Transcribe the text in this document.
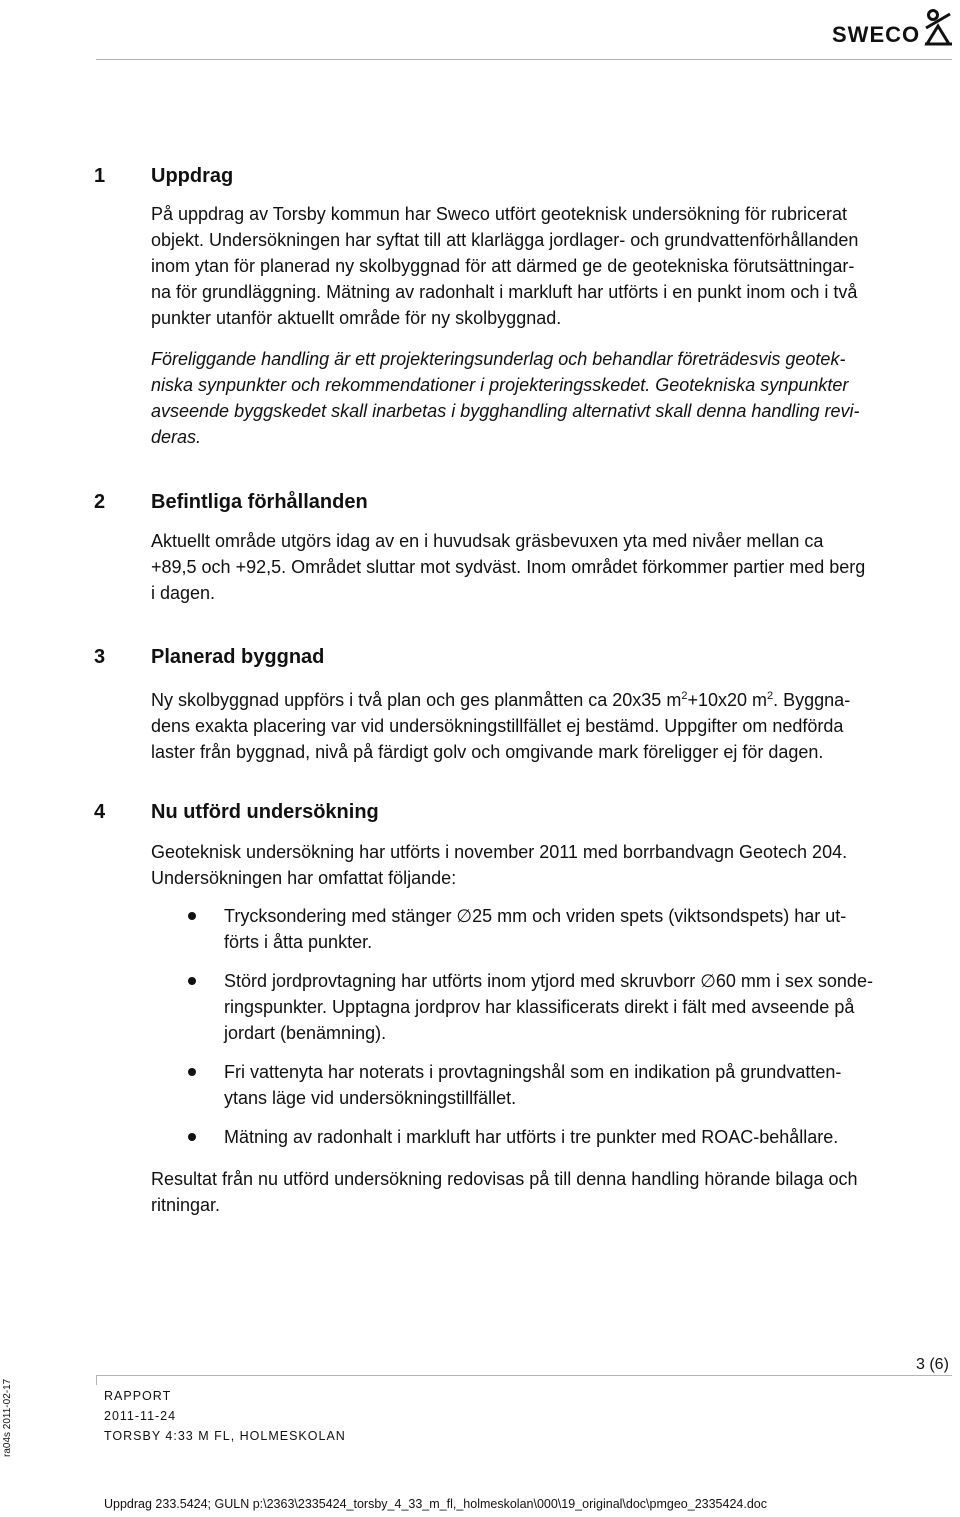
SWECO
1 Uppdrag
På uppdrag av Torsby kommun har Sweco utfört geoteknisk undersökning för rubricerat
objekt. Undersökningen har syftat till att klarlägga jordlager- och grundvattenförhållanden
inom ytan för planerad ny skolbyggnad för att därmed ge de geotekniska förutsättningar-
na för grundläggning. Mätning av radonhalt i markluft har utförts i en punkt inom och i två
punkter utanför aktuellt område för ny skolbyggnad.
Föreliggande handling är ett projekteringsunderlag och behandlar företrädesvis geotek-
niska synpunkter och rekommendationer i projekteringsskedet. Geotekniska synpunkter
avseende byggskedet skall inarbetas i bygghandling alternativt skall denna handling revi-
deras.
2 Befintliga förhållanden
Aktuellt område utgörs idag av en i huvudsak gräsbevuxen yta med nivåer mellan ca
+89,5 och +92,5. Området sluttar mot sydväst. Inom området förkommer partier med berg
i dagen.
3 Planerad byggnad
Ny skolbyggnad uppförs i två plan och ges planmåtten ca 20x35 $m^2+10x20$ $m^2$. Byggna-
dens exakta placering var vid undersökningstillfället ej bestämd. Uppgifter om nedförda
laster från byggnad, nivå på färdigt golv och omgivande mark föreligger ej för dagen.
4 Nu utförd undersökning
Geoteknisk undersökning har utförts i november 2011 med borrbandvagn Geotech 204.
Undersökningen har omfattat följande:
Trycksondering med stänger ∅25 mm och vriden spets (viktsondspets) har ut-
förts i åtta punkter.
Störd jordprovtagning har utförts inom ytjord med skruvborr ∅60 mm i sex sonde-
ringspunkter. Upptagna jordprov har klassificerats direkt i fält med avseende på
jordart (benämning).
Fri vattenyta har noterats i provtagningshål som en indikation på grundvatten-
ytans läge vid undersökningstillfället.
Mätning av radonhalt i markluft har utförts i tre punkter med ROAC-behållare.
Resultat från nu utförd undersökning redovisas på till denna handling hörande bilaga och
ritningar.
3 (6)
RAPPORT
2011-11-24
TORSBY 4:33 M FL, HOLMESKOLAN
ra04s 2011-02-17
Uppdrag 233.5424; GULN p:\2363\2335424_torsby_4_33_m_fl,_holmeskolan\000\19_original\doc\pmgeo_2335424.doc
